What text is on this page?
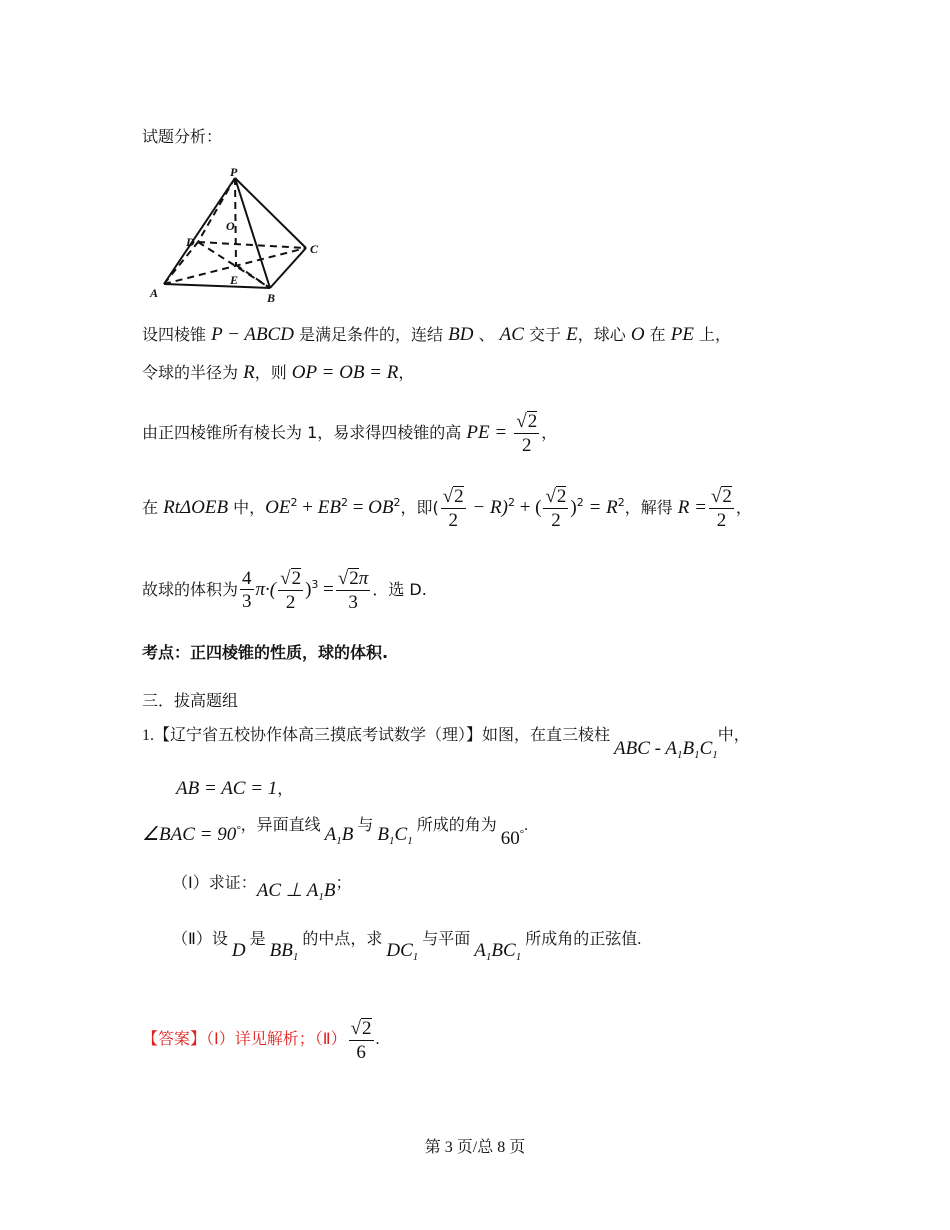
试题分析：
P
O
D	C
E
A	B
设四棱锥 P − ABCD 是满足条件的，连结 BD 、 AC 交于 E，球心 O 在 PE 上，
令球的半径为 R，则 OP = OB = R，
由正四棱锥所有棱长为 1，易求得四棱锥的高 PE = $\frac{√2}{2}$ ，
在 RtΔOEB 中，$OE^2 + EB^2 = OB^2$，即( $\frac{√2}{2} - R)^2$ + ( $\frac{√2}{2} )^2 = R^2$，解得 $R = \frac{√2}{2}$ ，
故球的体积为 $\frac{4}{3} \pi\cdot( \frac{√2}{2} )^3 = \frac{√2\pi}{3}$ ．选 D.
考点：正四棱锥的性质，球的体积.
三．拔高题组
1.【辽宁省五校协作体高三摸底考试数学（理）】如图，在直三棱柱 ABC - $A_1B_1C_1$中，
AB = AC = 1，
∠BAC = 90°，异面直线 $A_1B$ 与 $B_1C_1$ 所成的角为 60°.
（Ⅰ）求证：AC ⊥ $A_1B$；
（Ⅱ）设 D 是 $BB_1$ 的中点，求 $DC_1$ 与平面 $A_1BC_1$ 所成角的正弦值.
【答案】（Ⅰ）详见解析；（Ⅱ） $\frac{√2}{6}$ .
第 3 页/总 8 页
